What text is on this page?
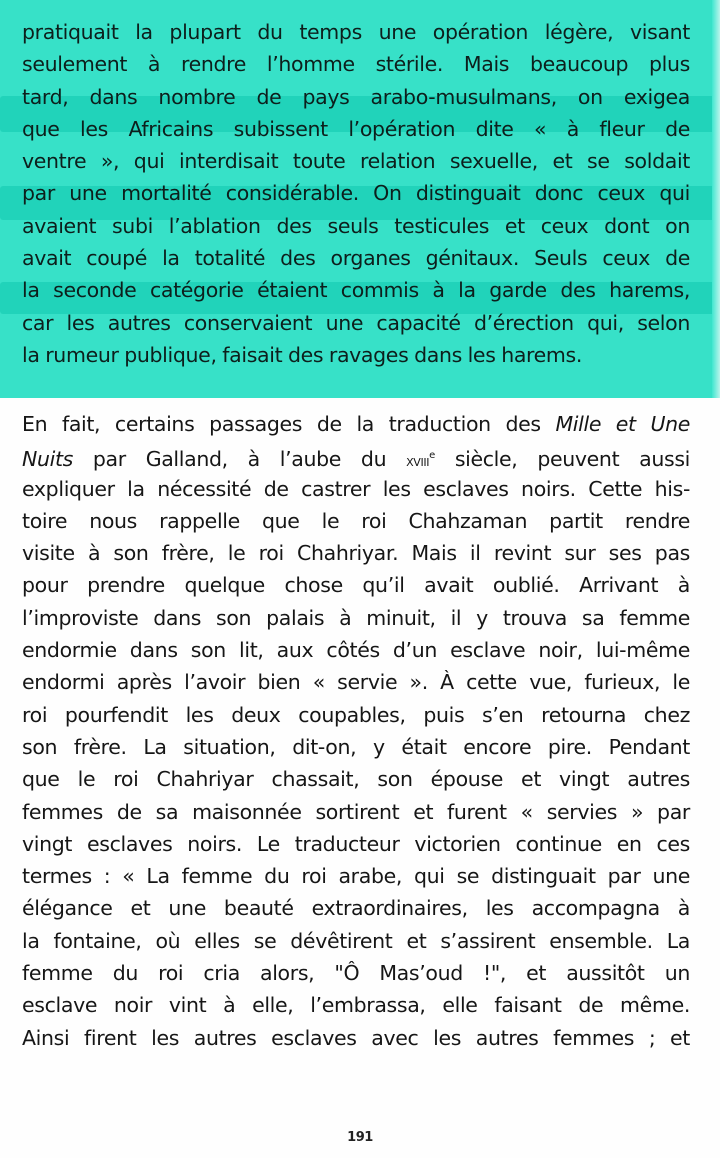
pratiquait la plupart du temps une opération légère, visant
seulement à rendre l’homme stérile. Mais beaucoup plus
tard, dans nombre de pays arabo-musulmans, on exigea
que les Africains subissent l’opération dite « à fleur de
ventre », qui interdisait toute relation sexuelle, et se soldait
par une mortalité considérable. On distinguait donc ceux qui
avaient subi l’ablation des seuls testicules et ceux dont on
avait coupé la totalité des organes génitaux. Seuls ceux de
la seconde catégorie étaient commis à la garde des harems,
car les autres conservaient une capacité d’érection qui, selon
la rumeur publique, faisait des ravages dans les harems.

En fait, certains passages de la traduction des Mille et Une
Nuits par Galland, à l’aube du xviii$^e$ siècle, peuvent aussi
expliquer la nécessité de castrer les esclaves noirs. Cette his-
toire nous rappelle que le roi Chahzaman partit rendre
visite à son frère, le roi Chahriyar. Mais il revint sur ses pas
pour prendre quelque chose qu’il avait oublié. Arrivant à
l’improviste dans son palais à minuit, il y trouva sa femme
endormie dans son lit, aux côtés d’un esclave noir, lui-même
endormi après l’avoir bien « servie ». À cette vue, furieux, le
roi pourfendit les deux coupables, puis s’en retourna chez
son frère. La situation, dit-on, y était encore pire. Pendant
que le roi Chahriyar chassait, son épouse et vingt autres
femmes de sa maisonnée sortirent et furent « servies » par
vingt esclaves noirs. Le traducteur victorien continue en ces
termes : « La femme du roi arabe, qui se distinguait par une
élégance et une beauté extraordinaires, les accompagna à
la fontaine, où elles se dévêtirent et s’assirent ensemble. La
femme du roi cria alors, "Ô Mas’oud !", et aussitôt un
esclave noir vint à elle, l’embrassa, elle faisant de même.
Ainsi firent les autres esclaves avec les autres femmes ; et

191
